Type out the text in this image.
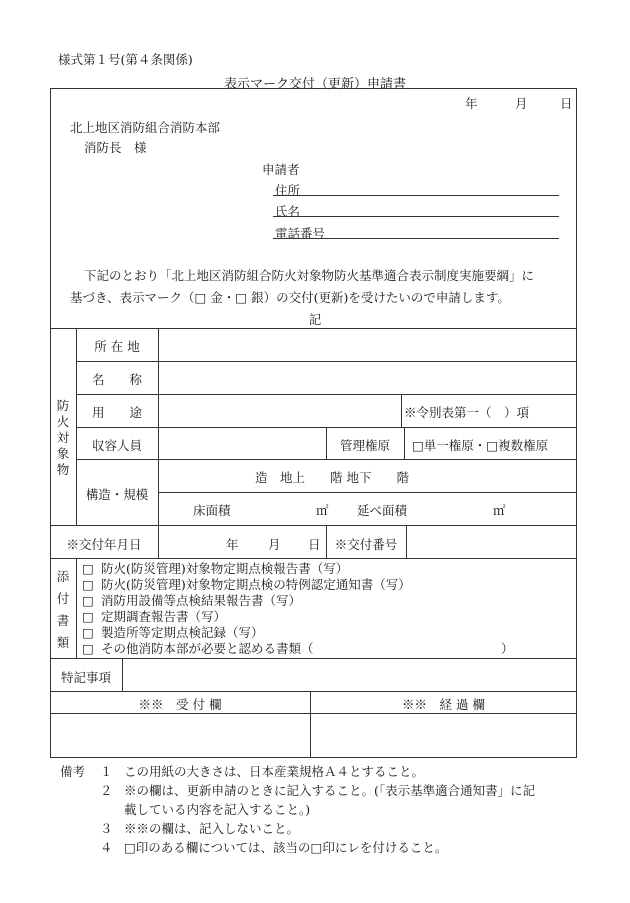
様式第１号(第４条関係)
表示マーク交付（更新）申請書
年	月	日
北上地区消防組合消防本部
消防長　様
申請者
住所
氏名
電話番号
下記のとおり「北上地区消防組合防火対象物防火基準適合表示制度実施要綱」に
基づき、表示マーク（□ 金・□ 銀）の交付(更新)を受けたいので申請します。
記
防火対象物
所 在 地
名　　称
用　　途	※令別表第一（　）項
収容人員	管理権原	□単一権原・□複数権原
構造・規模
造　地上　　階 地下　　階
床面積	㎡ 延べ面積	㎡
※交付年月日	年 月 日	※交付番号
添付書類
□ 防火(防災管理)対象物定期点検報告書（写）
□ 防火(防災管理)対象物定期点検の特例認定通知書（写）
□ 消防用設備等点検結果報告書（写）
□ 定期調査報告書（写）
□ 製造所等定期点検記録（写）
□ その他消防本部が必要と認める書類（　　　　　　　　　　　　　　　）
特記事項
※※　受 付 欄	※※　経 過 欄
備考 １ この用紙の大きさは、日本産業規格Ａ４とすること。
２ ※の欄は、更新申請のときに記入すること。(「表示基準適合通知書」に記
載している内容を記入すること。)
３ ※※の欄は、記入しないこと。
４ □印のある欄については、該当の□印にレを付けること。
